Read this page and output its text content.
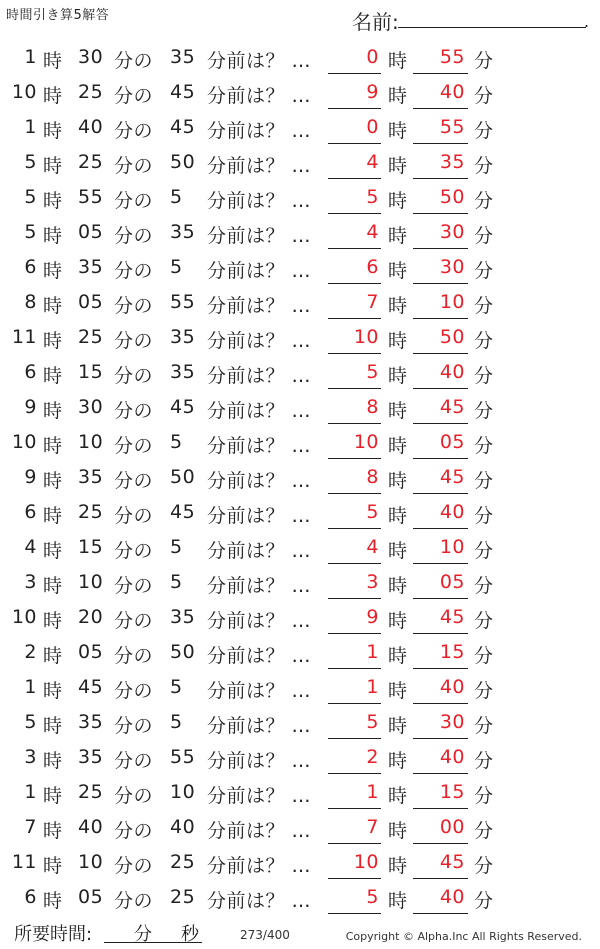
時間引き算5解答	名前:	.
1 時 30 分の 35 分前は？ …	0 時	55 分
10 時 25 分の 45 分前は？ …	9 時	40 分
1 時 40 分の 45 分前は？ …	0 時	55 分
5 時 25 分の 50 分前は？ …	4 時	35 分
5 時 55 分の 5 分前は？ …	5 時	50 分
5 時 05 分の 35 分前は？ …	4 時	30 分
6 時 35 分の 5 分前は？ …	6 時	30 分
8 時 05 分の 55 分前は？ …	7 時	10 分
11 時 25 分の 35 分前は？ …	10 時	50 分
6 時 15 分の 35 分前は？ …	5 時	40 分
9 時 30 分の 45 分前は？ …	8 時	45 分
10 時 10 分の 5 分前は？ …	10 時	05 分
9 時 35 分の 50 分前は？ …	8 時	45 分
6 時 25 分の 45 分前は？ …	5 時	40 分
4 時 15 分の 5 分前は？ …	4 時	10 分
3 時 10 分の 5 分前は？ …	3 時	05 分
10 時 20 分の 35 分前は？ …	9 時	45 分
2 時 05 分の 50 分前は？ …	1 時	15 分
1 時 45 分の 5 分前は？ …	1 時	40 分
5 時 35 分の 5 分前は？ …	5 時	30 分
3 時 35 分の 55 分前は？ …	2 時	40 分
1 時 25 分の 10 分前は？ …	1 時	15 分
7 時 40 分の 40 分前は？ …	7 時	00 分
11 時 10 分の 25 分前は？ …	10 時	45 分
6 時 05 分の 25 分前は？ …	5 時	40 分
所要時間: 分 秒	273/400	Copyright © Alpha.Inc All Rights Reserved.
